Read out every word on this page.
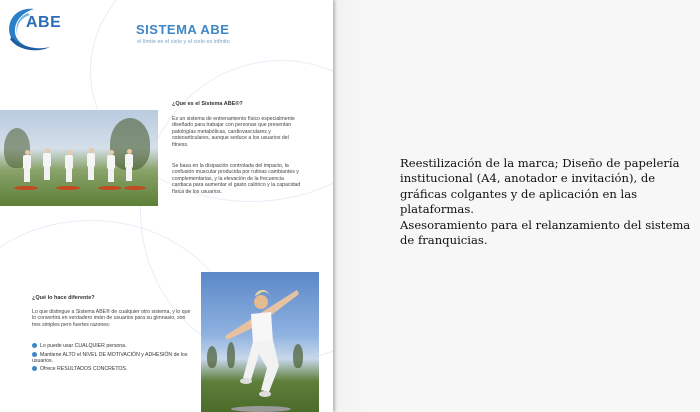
ABE	SISTEMA ABE
el límite es el cielo y el cielo es infinito
¿Que es el Sistema ABE®?
Es un sistema de entrenamiento físico especialmente diseñado para trabajar con personas que presentan patologías metabólicas, cardiovasculares y osteoarticulares, aunque seduce a los usuarios del fitness.
Se basa en la disipación controlada del impacto, la confusión muscular producida por rutinas cambiantes y complementarias, y la elevación de la frecuencia cardiaca para aumentar el gasto calórico y la capacidad física de los usuarios.
¿Qué lo hace diferente?
Lo que distingue a Sistema ABE® de cualquier otro sistema, y lo que lo convertirá en verdadero imán de usuarios para su gimnasio, son tres simples pero fuertes razones:
Lo puede usar CUALQUIER persona.
Mantiene ALTO el NIVEL DE MOTIVACIÓN y ADHESIÓN de los usuarios.
Ofrece RESULTADOS CONCRETOS.

Reestilización de la marca; Diseño de papelería institucional (A4, anotador e invitación), de gráficas colgantes y de aplicación en las plataformas.

Asesoramiento para el relanzamiento del sistema de franquicias.
